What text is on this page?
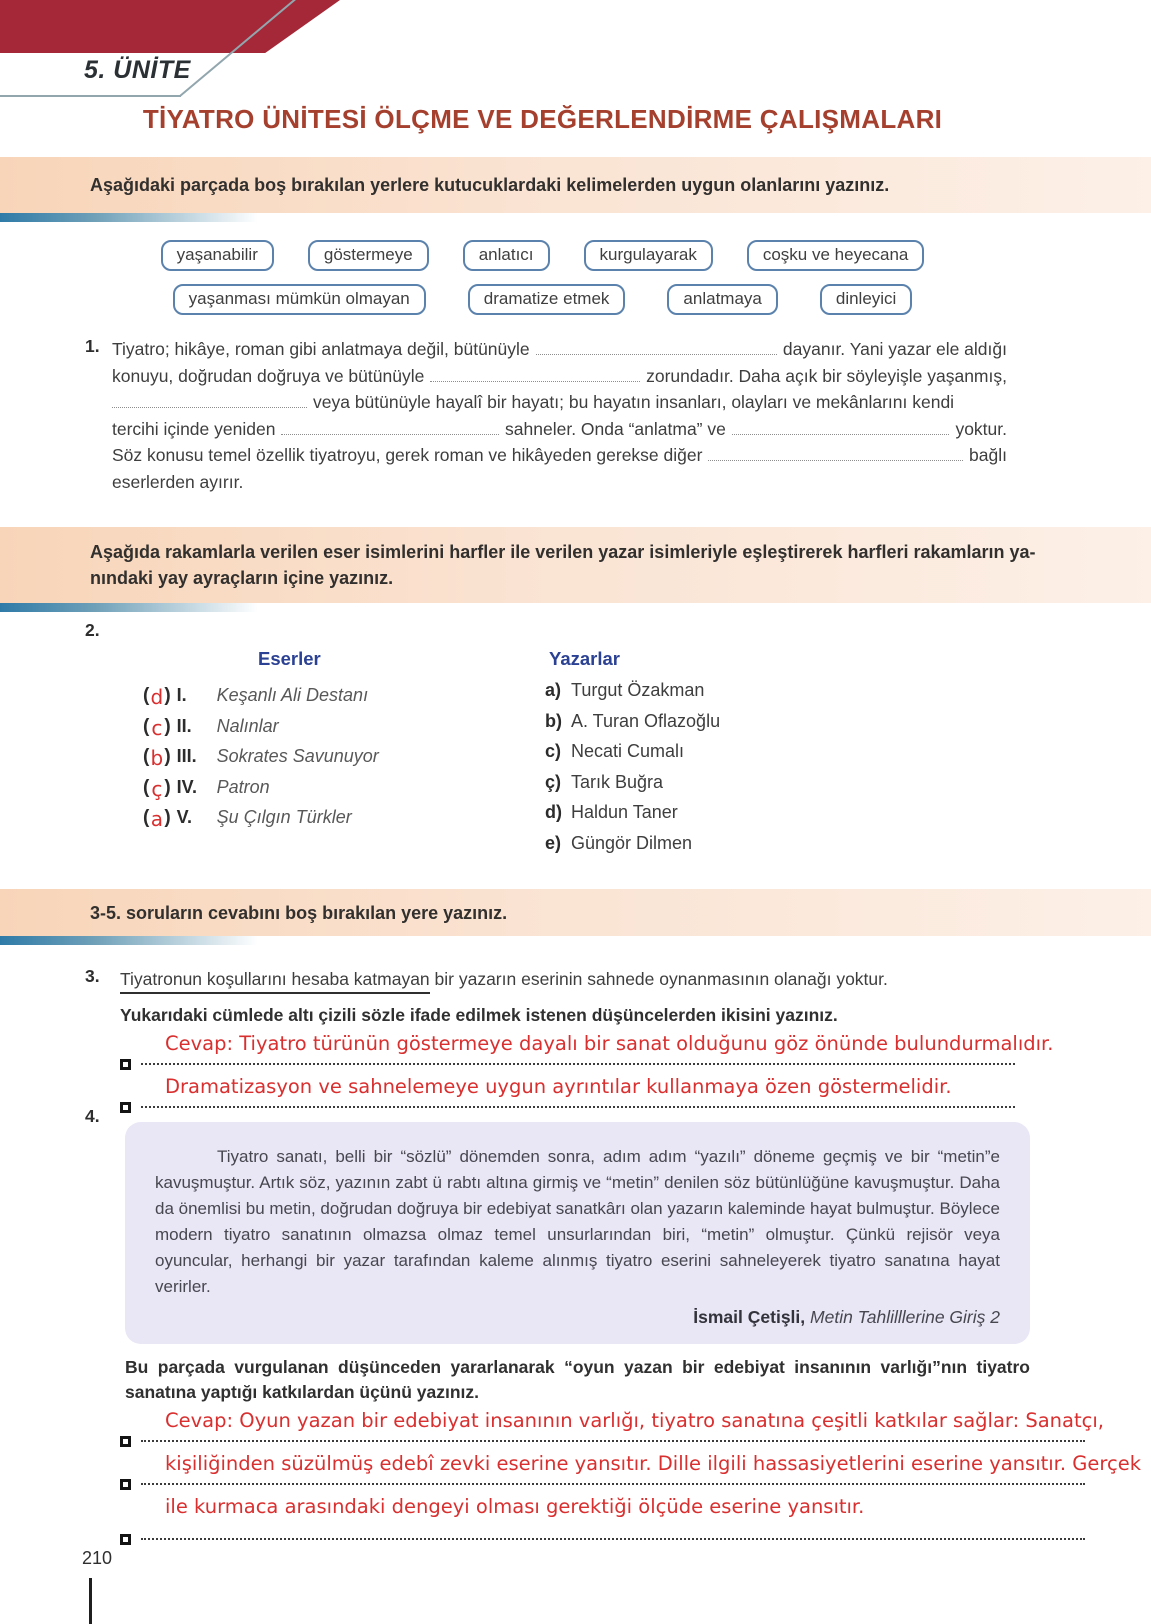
5. ÜNİTE
TİYATRO ÜNİTESİ ÖLÇME VE DEĞERLENDİRME ÇALIŞMALARI
Aşağıdaki parçada boş bırakılan yerlere kutucuklardaki kelimelerden uygun olanlarını yazınız.
yaşanabilir	göstermeye	anlatıcı	kurgulayarak	coşku ve heyecana
yaşanması mümkün olmayan	dramatize etmek	anlatmaya	dinleyici
1. Tiyatro; hikâye, roman gibi anlatmaya değil, bütünüyle	dayanır. Yani yazar ele aldığı
konuyu, doğrudan doğruya ve bütünüyle	zorundadır. Daha açık bir söyleyişle yaşanmış,
veya bütünüyle hayalî bir hayatı; bu hayatın insanları, olayları ve mekânlarını kendi
tercihi içinde yeniden	sahneler. Onda “anlatma” ve	yoktur.
Söz konusu temel özellik tiyatroyu, gerek roman ve hikâyeden gerekse diğer	bağlı
eserlerden ayırır.
Aşağıda rakamlarla verilen eser isimlerini harfler ile verilen yazar isimleriyle eşleştirerek harfleri rakamların ya-
nındaki yay ayraçların içine yazınız.
2.
Eserler	Yazarlar
( d ) I.	Keşanlı Ali Destanı
( c ) II.	Nalınlar
( b ) III.	Sokrates Savunuyor
( ç ) IV.	Patron
( a ) V.	Şu Çılgın Türkler
a) Turgut Özakman
b) A. Turan Oflazoğlu
c) Necati Cumalı
ç) Tarık Buğra
d) Haldun Taner
e) Güngör Dilmen
3-5. soruların cevabını boş bırakılan yere yazınız.
3. Tiyatronun koşullarını hesaba katmayan bir yazarın eserinin sahnede oynanmasının olanağı yoktur.
Yukarıdaki cümlede altı çizili sözle ifade edilmek istenen düşüncelerden ikisini yazınız.
Cevap: Tiyatro türünün göstermeye dayalı bir sanat olduğunu göz önünde bulundurmalıdır.
Dramatizasyon ve sahnelemeye uygun ayrıntılar kullanmaya özen göstermelidir.
4.
Tiyatro sanatı, belli bir “sözlü” dönemden sonra, adım adım “yazılı” döneme geçmiş ve bir “metin”e kavuşmuştur. Artık söz, yazının zabt ü rabtı altına girmiş ve “metin” denilen söz bütünlüğüne kavuşmuştur. Daha da önemlisi bu metin, doğrudan doğruya bir edebiyat sanatkârı olan yazarın kaleminde hayat bulmuştur. Böylece modern tiyatro sanatının olmazsa olmaz temel unsurlarından biri, “metin” olmuştur. Çünkü rejisör veya oyuncular, herhangi bir yazar tarafından kaleme alınmış tiyatro eserini sahneleyerek tiyatro sanatına hayat verirler.
İsmail Çetişli, Metin Tahlilllerine Giriş 2
Bu parçada vurgulanan düşünceden yararlanarak “oyun yazan bir edebiyat insanının varlığı”nın tiyatro sanatına yaptığı katkılardan üçünü yazınız.
Cevap: Oyun yazan bir edebiyat insanının varlığı, tiyatro sanatına çeşitli katkılar sağlar: Sanatçı,
kişiliğinden süzülmüş edebî zevki eserine yansıtır. Dille ilgili hassasiyetlerini eserine yansıtır. Gerçek
ile kurmaca arasındaki dengeyi olması gerektiği ölçüde eserine yansıtır.
210
